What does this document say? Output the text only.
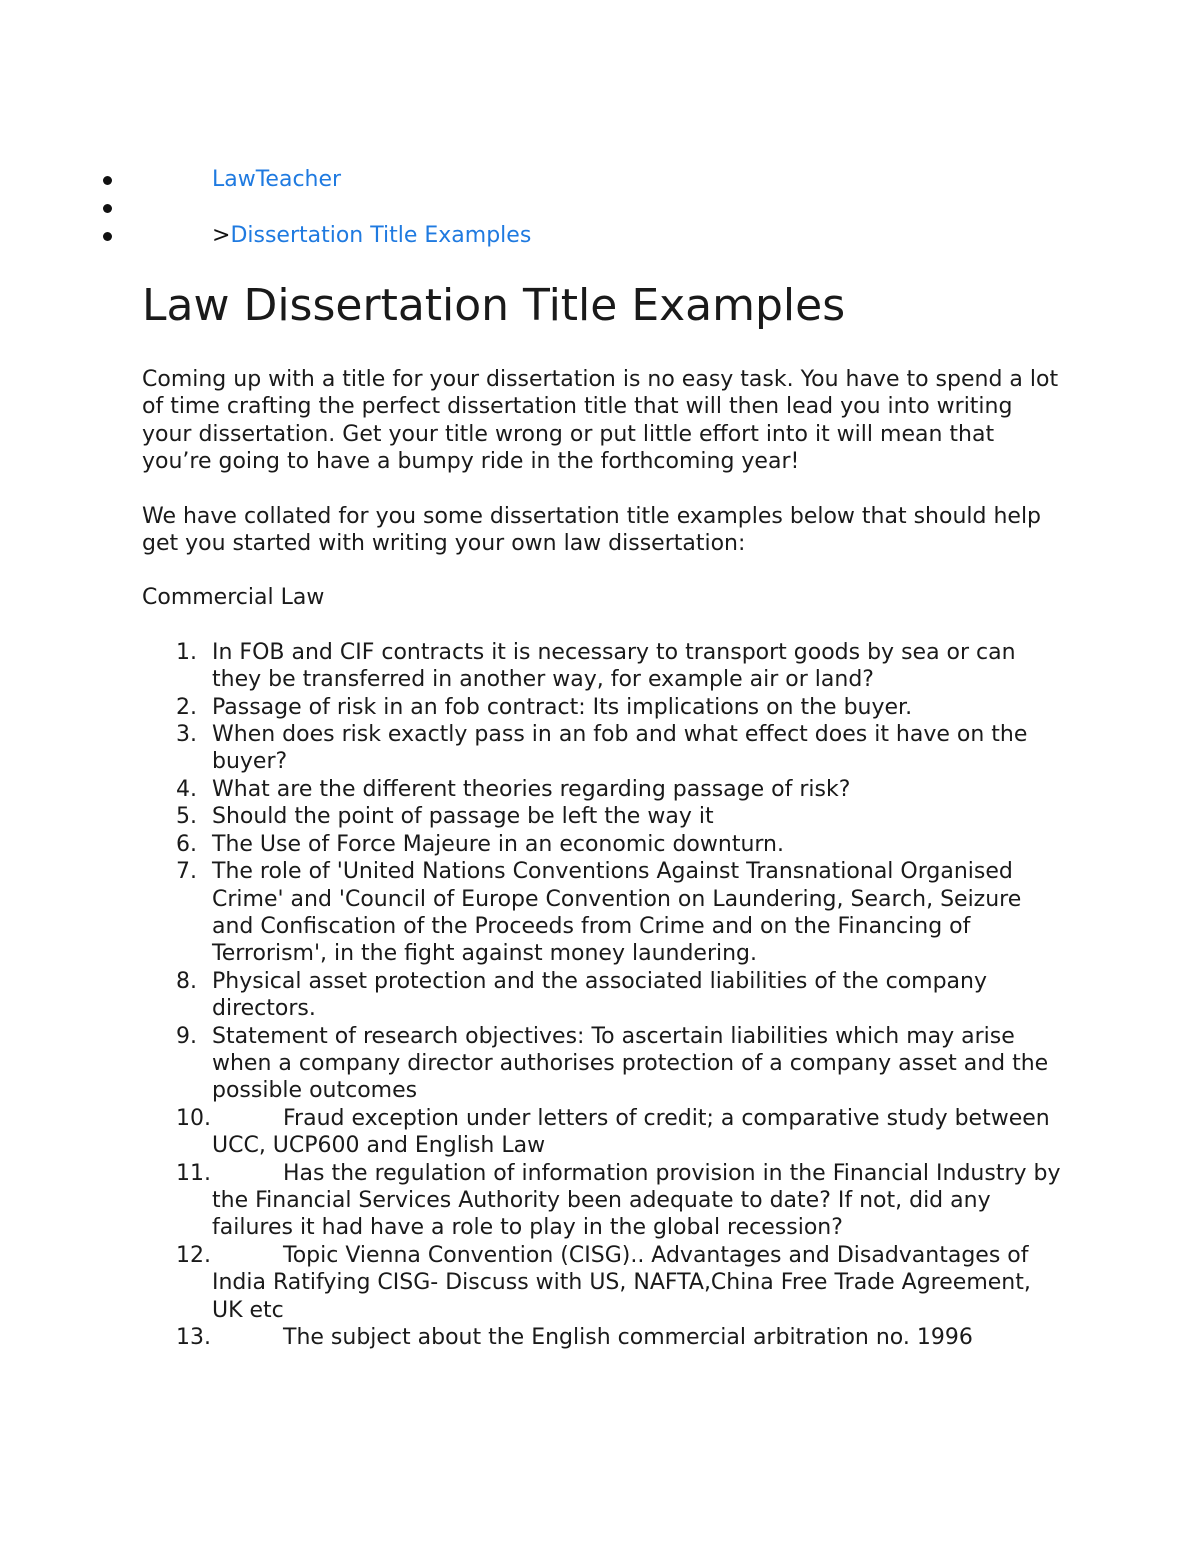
LawTeacher
>Dissertation Title Examples
Law Dissertation Title Examples

Coming up with a title for your dissertation is no easy task. You have to spend a lot of time crafting the perfect dissertation title that will then lead you into writing your dissertation. Get your title wrong or put little effort into it will mean that you’re going to have a bumpy ride in the forthcoming year!

We have collated for you some dissertation title examples below that should help get you started with writing your own law dissertation:

Commercial Law
1. In FOB and CIF contracts it is necessary to transport goods by sea or can they be transferred in another way, for example air or land?
2. Passage of risk in an fob contract: Its implications on the buyer.
3. When does risk exactly pass in an fob and what effect does it have on the buyer?
4. What are the different theories regarding passage of risk?
5. Should the point of passage be left the way it
6. The Use of Force Majeure in an economic downturn.
7. The role of 'United Nations Conventions Against Transnational Organised Crime' and 'Council of Europe Convention on Laundering, Search, Seizure and Confiscation of the Proceeds from Crime and on the Financing of Terrorism', in the fight against money laundering.
8. Physical asset protection and the associated liabilities of the company directors.
9. Statement of research objectives: To ascertain liabilities which may arise when a company director authorises protection of a company asset and the possible outcomes
10.	Fraud exception under letters of credit; a comparative study between UCC, UCP600 and English Law
11.	Has the regulation of information provision in the Financial Industry by the Financial Services Authority been adequate to date? If not, did any failures it had have a role to play in the global recession?
12.	Topic Vienna Convention (CISG).. Advantages and Disadvantages of India Ratifying CISG- Discuss with US, NAFTA,China Free Trade Agreement, UK etc
13.	The subject about the English commercial arbitration no. 1996
